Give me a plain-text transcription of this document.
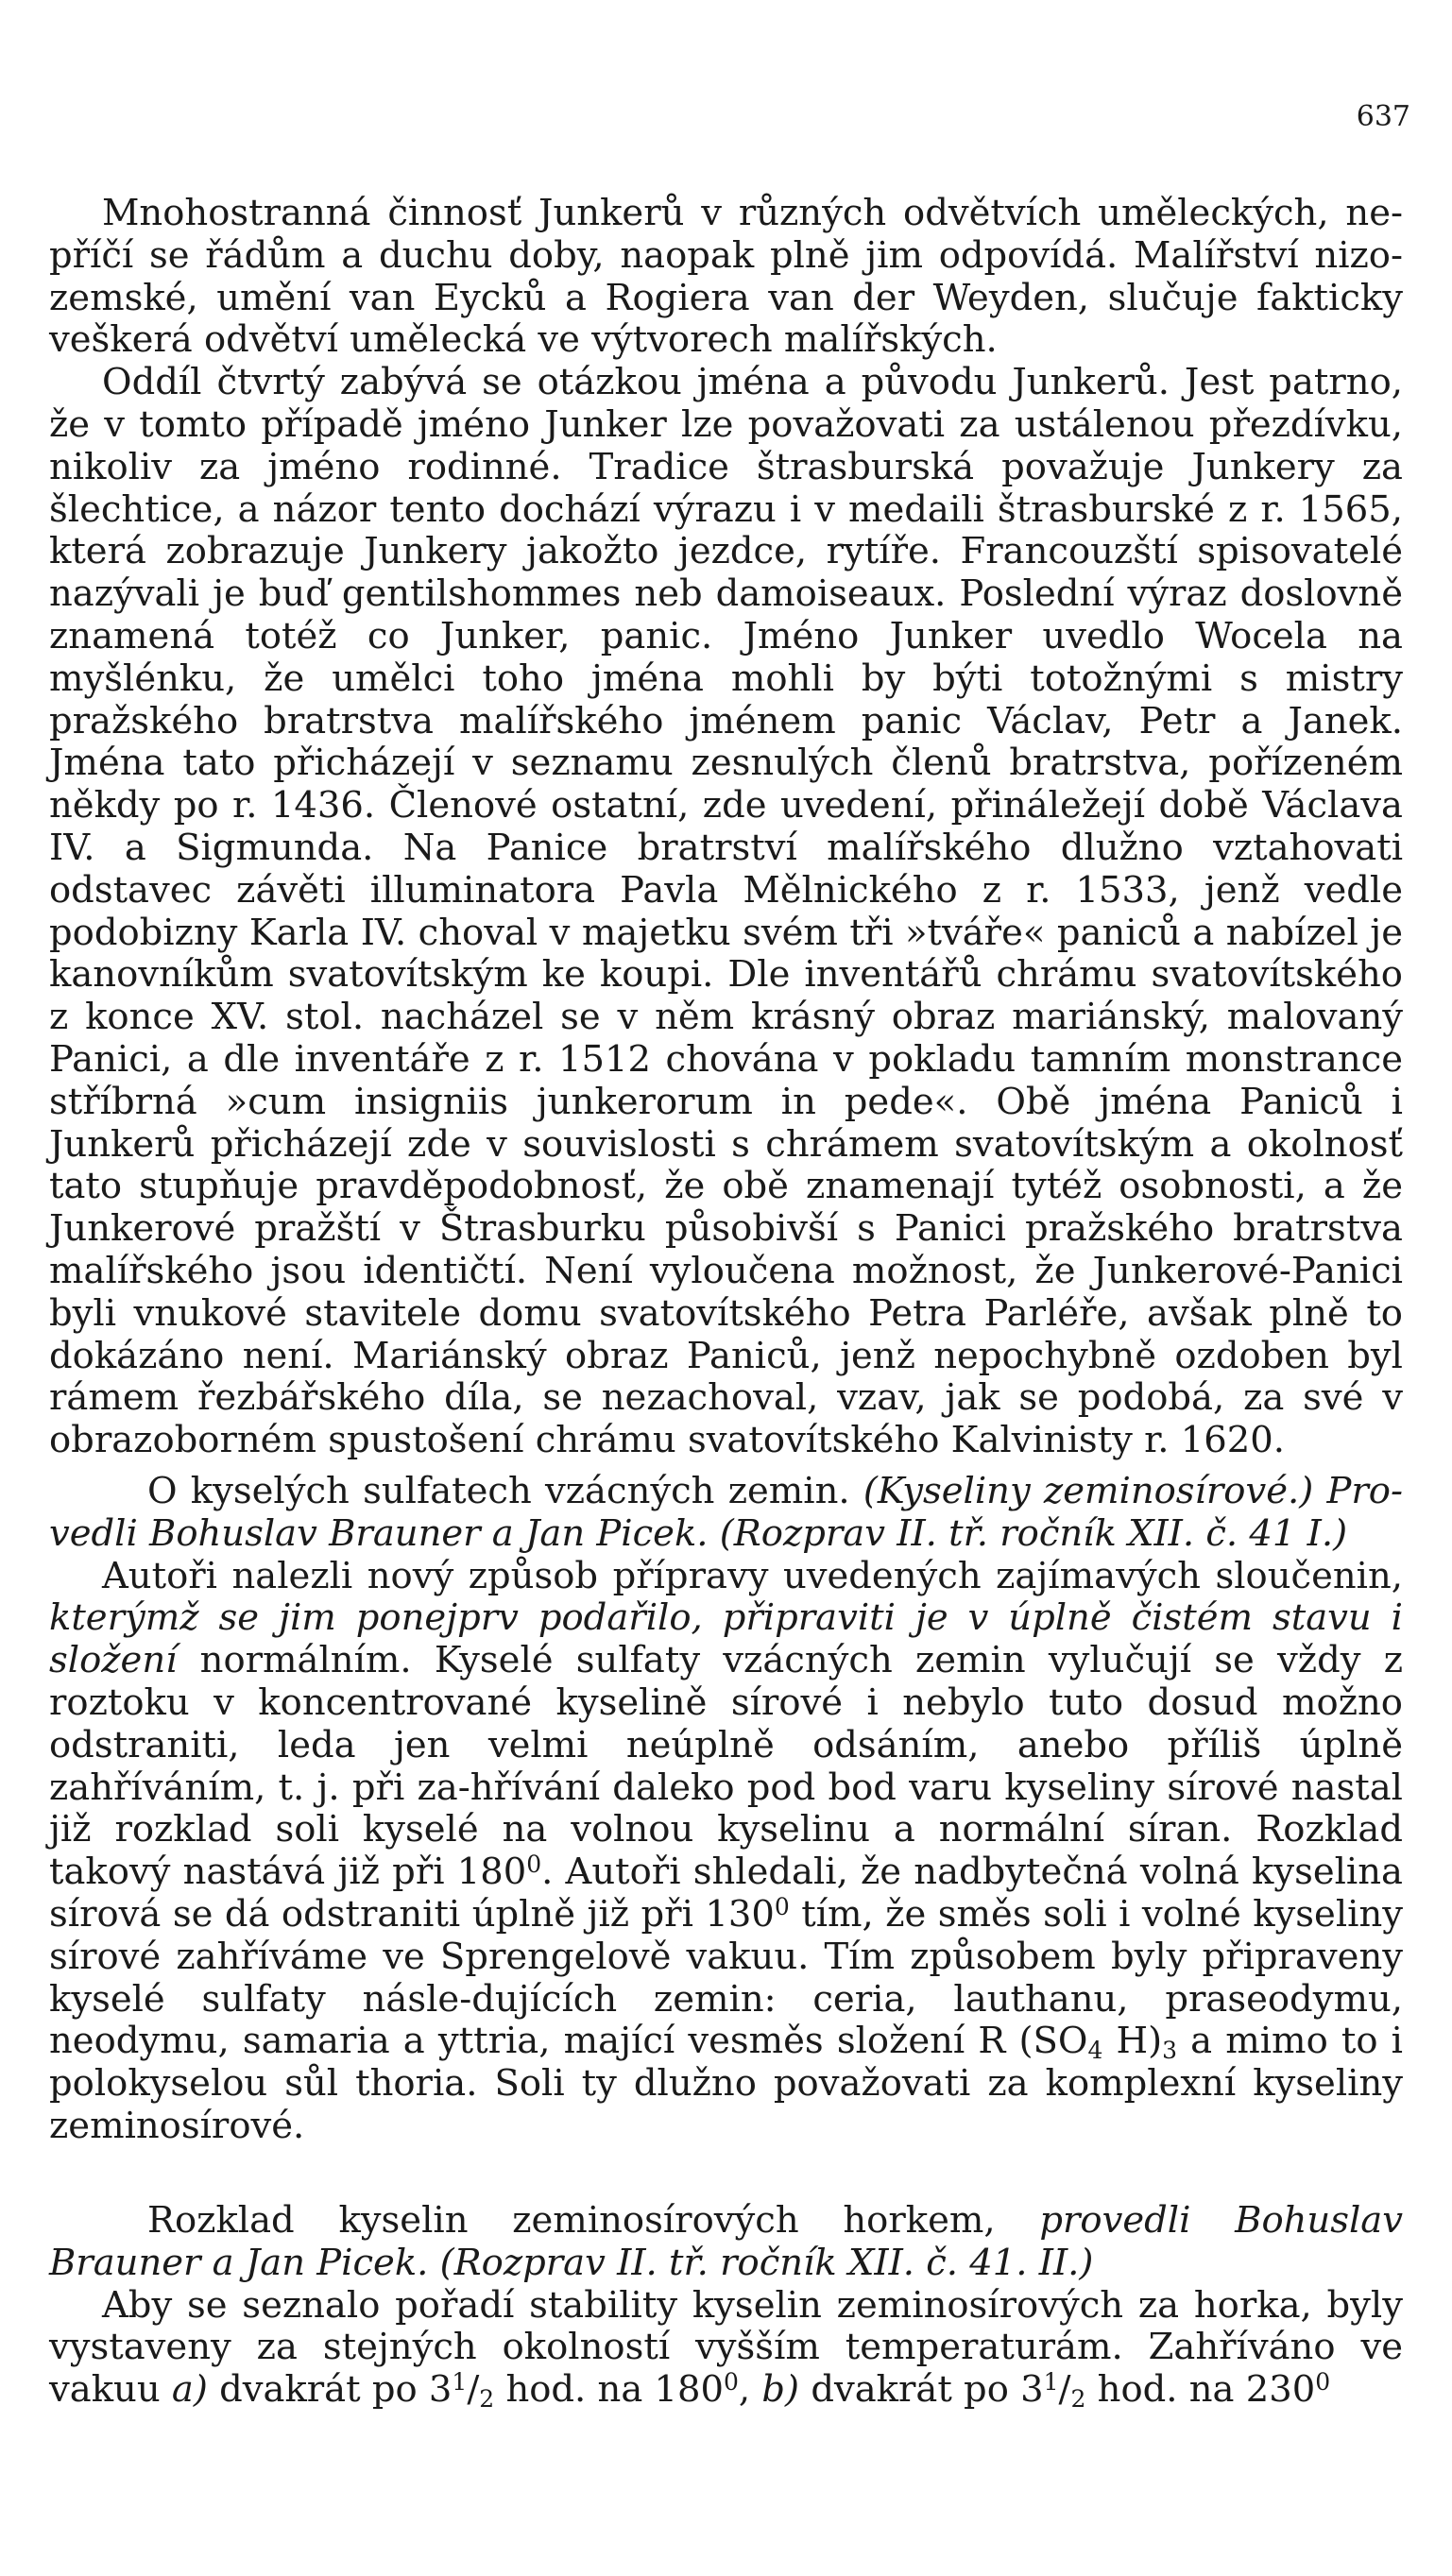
637

Mnohostranná činnosť Junkerů v různých odvětvích uměleckých, ne- příčí se řádům a duchu doby, naopak plně jim odpovídá. Malířství nizo- zemské, umění van Eycků a Rogiera van der Weyden, slučuje fakticky veškerá odvětví umělecká ve výtvorech malířských.

Oddíl čtvrtý zabývá se otázkou jména a původu Junkerů. Jest patrno, že v tomto případě jméno Junker lze považovati za ustálenou přezdívku, nikoliv za jméno rodinné. Tradice štrasburská považuje Junkery za šlechtice, a názor tento dochází výrazu i v medaili štrasburské z r. 1565, která zobrazuje Junkery jakožto jezdce, rytíře. Francouzští spisovatelé nazývali je buď gentilshommes neb damoiseaux. Poslední výraz doslovně znamená totéž co Junker, panic. Jméno Junker uvedlo Wocela na myšlénku, že umělci toho jména mohli by býti totožnými s mistry pražského bratrstva malířského jménem panic Václav, Petr a Janek. Jména tato přicházejí v seznamu zesnulých členů bratrstva, pořízeném někdy po r. 1436. Členové ostatní, zde uvedení, přináležejí době Václava IV. a Sigmunda. Na Panice bratrství malířského dlužno vztahovati odstavec závěti illuminatora Pavla Mělnického z r. 1533, jenž vedle podobizny Karla IV. choval v majetku svém tři »tváře« paniců a nabízel je kanovníkům svatovítským ke koupi. Dle inventářů chrámu svatovítského z konce XV. stol. nacházel se v něm krásný obraz mariánský, malovaný Panici, a dle inventáře z r. 1512 chována v pokladu tamním monstrance stříbrná »cum insigniis junkerorum in pede«. Obě jména Paniců i Junkerů přicházejí zde v souvislosti s chrámem svatovítským a okolnosť tato stupňuje pravděpodobnosť, že obě znamenají tytéž osobnosti, a že Junkerové pražští v Štrasburku působivší s Panici pražského bratrstva malířského jsou identičtí. Není vyloučena možnost, že Junkerové-Panici byli vnukové stavitele domu svatovítského Petra Parléře, avšak plně to dokázáno není. Mariánský obraz Paniců, jenž nepochybně ozdoben byl rámem řezbářského díla, se nezachoval, vzav, jak se podobá, za své v obrazoborném spustošení chrámu svatovítského Kalvinisty r. 1620.

O kyselých sulfatech vzácných zemin. (Kyseliny zeminosírové.) Pro-vedli Bohuslav Brauner a Jan Picek. (Rozprav II. tř. ročník XII. č. 41 I.)

Autoři nalezli nový způsob přípravy uvedených zajímavých sloučenin, kterýmž se jim ponejprv podařilo, připraviti je v úplně čistém stavu i složení normálním. Kyselé sulfaty vzácných zemin vylučují se vždy z roztoku v koncentrované kyselině sírové i nebylo tuto dosud možno odstraniti, leda jen velmi neúplně odsáním, anebo příliš úplně zahříváním, t. j. při za-hřívání daleko pod bod varu kyseliny sírové nastal již rozklad soli kyselé na volnou kyselinu a normální síran. Rozklad takový nastává již při $180^0$. Autoři shledali, že nadbytečná volná kyselina sírová se dá odstraniti úplně již při $130^0$ tím, že směs soli i volné kyseliny sírové zahříváme ve Sprengelově vakuu. Tím způsobem byly připraveny kyselé sulfaty násle-dujících zemin: ceria, lauthanu, praseodymu, neodymu, samaria a yttria, mající vesměs složení R ($SO_4$ $H)_3$ a mimo to i polokyselou sůl thoria. Soli ty dlužno považovati za komplexní kyseliny zeminosírové.

Rozklad kyselin zeminosírových horkem, provedli Bohuslav Brauner a Jan Picek. (Rozprav II. tř. ročník XII. č. 41. II.)

Aby se seznalo pořadí stability kyselin zeminosírových za horka, byly vystaveny za stejných okolností vyšším temperaturám. Zahříváno ve vakuu a) dvakrát po $3^1/_2$ hod. na $180^0$, b) dvakrát po $3^1/_2$ hod. na $230^0$
